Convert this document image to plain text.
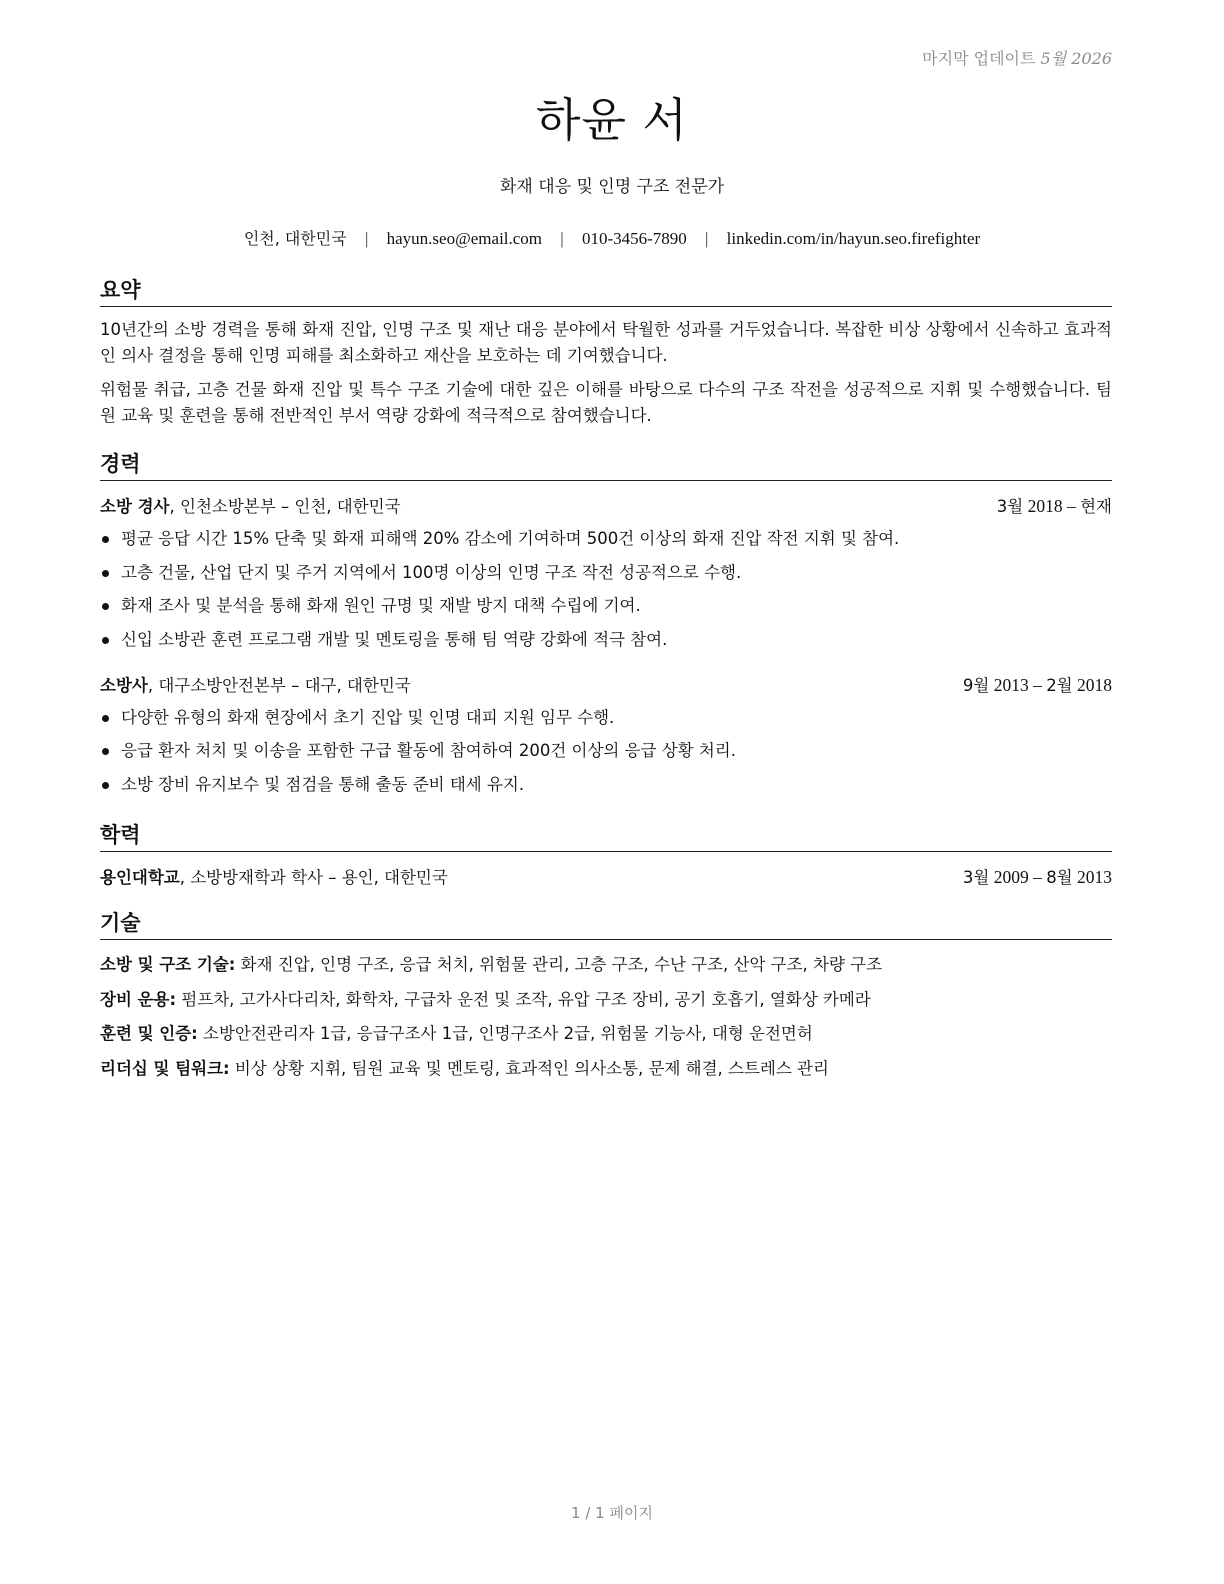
마지막 업데이트 5월 2026
하윤 서
화재 대응 및 인명 구조 전문가
인천, 대한민국 | hayun.seo@email.com | 010-3456-7890 | linkedin.com/in/hayun.seo.firefighter
요약

10년간의 소방 경력을 통해 화재 진압, 인명 구조 및 재난 대응 분야에서 탁월한 성과를 거두었습니다. 복잡한 비상 상황에서 신속하고 효과적인 의사 결정을 통해 인명 피해를 최소화하고 재산을 보호하는 데 기여했습니다.

위험물 취급, 고층 건물 화재 진압 및 특수 구조 기술에 대한 깊은 이해를 바탕으로 다수의 구조 작전을 성공적으로 지휘 및 수행했습니다. 팀원 교육 및 훈련을 통해 전반적인 부서 역량 강화에 적극적으로 참여했습니다.

경력
소방 경사, 인천소방본부 – 인천, 대한민국	3월 2018 – 현재
평균 응답 시간 15% 단축 및 화재 피해액 20% 감소에 기여하며 500건 이상의 화재 진압 작전 지휘 및 참여.
고층 건물, 산업 단지 및 주거 지역에서 100명 이상의 인명 구조 작전 성공적으로 수행.
화재 조사 및 분석을 통해 화재 원인 규명 및 재발 방지 대책 수립에 기여.
신입 소방관 훈련 프로그램 개발 및 멘토링을 통해 팀 역량 강화에 적극 참여.
소방사, 대구소방안전본부 – 대구, 대한민국	9월 2013 – 2월 2018
다양한 유형의 화재 현장에서 초기 진압 및 인명 대피 지원 임무 수행.
응급 환자 처치 및 이송을 포함한 구급 활동에 참여하여 200건 이상의 응급 상황 처리.
소방 장비 유지보수 및 점검을 통해 출동 준비 태세 유지.
학력
용인대학교, 소방방재학과 학사 – 용인, 대한민국	3월 2009 – 8월 2013
기술
소방 및 구조 기술: 화재 진압, 인명 구조, 응급 처치, 위험물 관리, 고층 구조, 수난 구조, 산악 구조, 차량 구조
장비 운용: 펌프차, 고가사다리차, 화학차, 구급차 운전 및 조작, 유압 구조 장비, 공기 호흡기, 열화상 카메라
훈련 및 인증: 소방안전관리자 1급, 응급구조사 1급, 인명구조사 2급, 위험물 기능사, 대형 운전면허
리더십 및 팀워크: 비상 상황 지휘, 팀원 교육 및 멘토링, 효과적인 의사소통, 문제 해결, 스트레스 관리
1 / 1 페이지
